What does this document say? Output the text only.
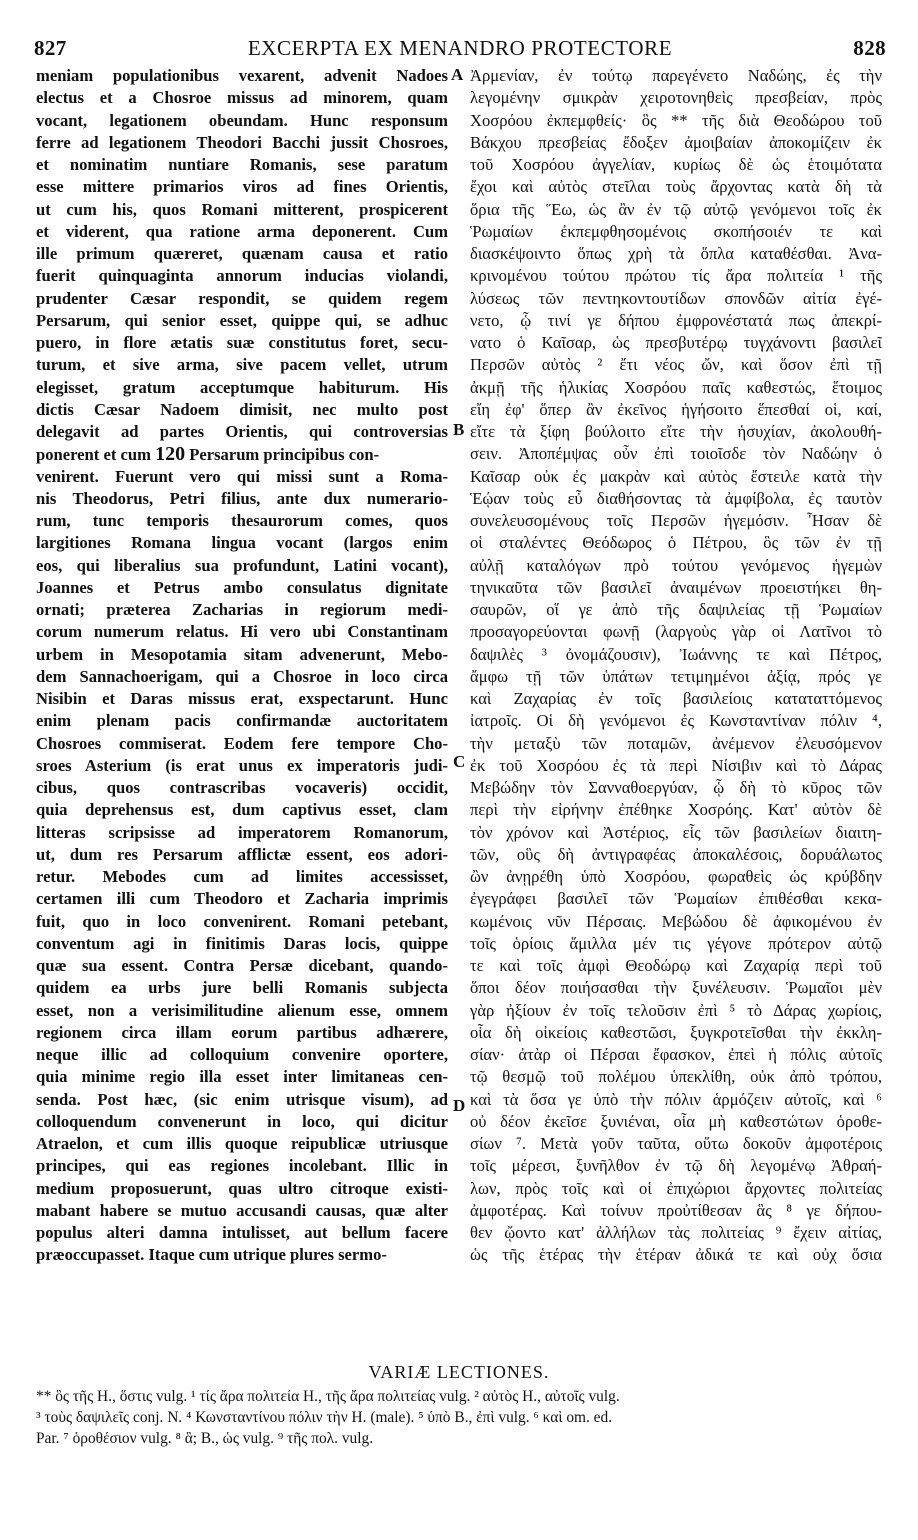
827	EXCERPTA EX MENANDRO PROTECTORE	828
meniam populationibus vexarent, advenit Nadoes
electus et a Chosroe missus ad minorem, quam
vocant, legationem obeundam. Hunc responsum
ferre ad legationem Theodori Bacchi jussit Chosroes,
et nominatim nuntiare Romanis, sese paratum
esse mittere primarios viros ad fines Orientis,
ut cum his, quos Romani mitterent, prospicerent
et viderent, qua ratione arma deponerent. Cum
ille primum quæreret, quænam causa et ratio
fuerit quinquaginta annorum inducias violandi,
prudenter Cæsar respondit, se quidem regem
Persarum, qui senior esset, quippe qui, se adhuc
puero, in flore ætatis suæ constitutus foret, secu-
turum, et sive arma, sive pacem vellet, utrum
elegisset, gratum acceptumque habiturum. His
dictis Cæsar Nadoem dimisit, nec multo post
delegavit ad partes Orientis, qui controversias
ponerent et cum 120 Persarum principibus con-
venirent. Fuerunt vero qui missi sunt a Roma-
nis Theodorus, Petri filius, ante dux numerario-
rum, tunc temporis thesaurorum comes, quos
largitiones Romana lingua vocant (largos enim
eos, qui liberalius sua profundunt, Latini vocant),
Joannes et Petrus ambo consulatus dignitate
ornati; præterea Zacharias in regiorum medi-
corum numerum relatus. Hi vero ubi Constantinam
urbem in Mesopotamia sitam advenerunt, Mebo-
dem Sannachoerigam, qui a Chosroe in loco circa
Nisibin et Daras missus erat, exspectarunt. Hunc
enim plenam pacis confirmandæ auctoritatem
Chosroes commiserat. Eodem fere tempore Cho-
sroes Asterium (is erat unus ex imperatoris judi-
cibus, quos contrascribas vocaveris) occidit,
quia deprehensus est, dum captivus esset, clam
litteras scripsisse ad imperatorem Romanorum,
ut, dum res Persarum afflictæ essent, eos adori-
retur. Mebodes cum ad limites accessisset,
certamen illi cum Theodoro et Zacharia imprimis
fuit, quo in loco convenirent. Romani petebant,
conventum agi in finitimis Daras locis, quippe
quæ sua essent. Contra Persæ dicebant, quando-
quidem ea urbs jure belli Romanis subjecta
esset, non a verisimilitudine alienum esse, omnem
regionem circa illam eorum partibus adhærere,
neque illic ad colloquium convenire oportere,
quia minime regio illa esset inter limitaneas cen-
senda. Post hæc, (sic enim utrisque visum), ad
colloquendum convenerunt in loco, qui dicitur
Atraelon, et cum illis quoque reipublicæ utriusque
principes, qui eas regiones incolebant. Illic in
medium proposuerunt, quas ultro citroque existi-
mabant habere se mutuo accusandi causas, quæ alter
populus alteri damna intulisset, aut bellum facere
præoccupasset. Itaque cum utrique plures sermo-
Ἀρμενίαν, ἐν τούτῳ παρεγένετο Ναδώης, ἐς τὴν
λεγομένην σμικρὰν χειροτονηθεὶς πρεσβείαν, πρὸς
Χοσρόου ἐκπεμφθείς· ὃς ** τῆς διὰ Θεοδώρου τοῦ
Βάκχου πρεσβείας ἔδοξεν ἀμοιβαίαν ἀποκομίζειν ἐκ
τοῦ Χοσρόου ἀγγελίαν, κυρίως δὲ ὡς ἑτοιμότατα
ἔχοι καὶ αὐτὸς στεῖλαι τοὺς ἄρχοντας κατὰ δὴ τὰ
ὅρια τῆς Ἕω, ὡς ἂν ἐν τῷ αὐτῷ γενόμενοι τοῖς ἐκ
Ῥωμαίων ἐκπεμφθησομένοις σκοπήσοιέν τε καὶ
διασκέψοιντο ὅπως χρὴ τὰ ὅπλα καταθέσθαι. Ἀνα-
κρινομένου τούτου πρώτου τίς ἄρα πολιτεία ¹ τῆς
λύσεως τῶν πεντηκοντουτίδων σπονδῶν αἰτία ἐγέ-
νετο, ᾧ τινί γε δήπου ἐμφρονέστατά πως ἀπεκρί-
νατο ὁ Καῖσαρ, ὡς πρεσβυτέρῳ τυγχάνοντι βασιλεῖ
Περσῶν αὐτὸς ² ἔτι νέος ὤν, καὶ ὅσον ἐπὶ τῇ
ἀκμῇ τῆς ἡλικίας Χοσρόου παῖς καθεστώς, ἕτοιμος
εἴη ἐφ' ὅπερ ἂν ἐκεῖνος ἡγήσοιτο ἕπεσθαί οἱ, καί,
εἴτε τὰ ξίφη βούλοιτο εἴτε τὴν ἡσυχίαν, ἀκολουθή-
σειν. Ἀποπέμψας οὖν ἐπὶ τοιοῖσδε τὸν Ναδώην ὁ
Καῖσαρ οὐκ ἐς μακρὰν καὶ αὐτὸς ἔστειλε κατὰ τὴν
Ἑῴαν τοὺς εὖ διαθήσοντας τὰ ἀμφίβολα, ἐς ταυτὸν
συνελευσομένους τοῖς Περσῶν ἡγεμόσιν. Ἦσαν δὲ
οἱ σταλέντες Θεόδωρος ὁ Πέτρου, ὃς τῶν ἐν τῇ
αὐλῇ καταλόγων πρὸ τούτου γενόμενος ἡγεμὼν
τηνικαῦτα τῶν βασιλεῖ ἀναιμένων προειστήκει θη-
σαυρῶν, οἵ γε ἀπὸ τῆς δαψιλείας τῇ Ῥωμαίων
προσαγορεύονται φωνῇ (λαργοὺς γὰρ οἱ Λατῖνοι τὸ
δαψιλὲς ³ ὀνομάζουσιν), Ἰωάννης τε καὶ Πέτρος,
ἄμφω τῇ τῶν ὑπάτων τετιμημένοι ἀξίᾳ, πρός γε
καὶ Ζαχαρίας ἐν τοῖς βασιλείοις καταταττόμενος
ἰατροῖς. Οἱ δὴ γενόμενοι ἐς Κωνσταντίναν πόλιν ⁴,
τὴν μεταξὺ τῶν ποταμῶν, ἀνέμενον ἐλευσόμενον
ἐκ τοῦ Χοσρόου ἐς τὰ περὶ Νίσιβιν καὶ τὸ Δάρας
Μεβώδην τὸν Σανναθοεργύαν, ᾧ δὴ τὸ κῦρος τῶν
περὶ τὴν εἰρήνην ἐπέθηκε Χοσρόης. Κατ' αὐτὸν δὲ
τὸν χρόνον καὶ Ἀστέριος, εἷς τῶν βασιλείων διαιτη-
τῶν, οὓς δὴ ἀντιγραφέας ἀποκαλέσοις, δορυάλωτος
ὢν ἀνῃρέθη ὑπὸ Χοσρόου, φωραθεὶς ὡς κρύβδην
ἐγεγράφει βασιλεῖ τῶν Ῥωμαίων ἐπιθέσθαι κεκα-
κωμένοις νῦν Πέρσαις. Μεβώδου δὲ ἀφικομένου ἐν
τοῖς ὁρίοις ἅμιλλα μέν τις γέγονε πρότερον αὐτῷ
τε καὶ τοῖς ἀμφὶ Θεοδώρῳ καὶ Ζαχαρίᾳ περὶ τοῦ
ὅποι δέον ποιήσασθαι τὴν ξυνέλευσιν. Ῥωμαῖοι μὲν
γὰρ ἠξίουν ἐν τοῖς τελοῦσιν ἐπὶ ⁵ τὸ Δάρας χωρίοις,
οἷα δὴ οἰκείοις καθεστῶσι, ξυγκροτεῖσθαι τὴν ἐκκλη-
σίαν· ἀτὰρ οἱ Πέρσαι ἔφασκον, ἐπεὶ ἡ πόλις αὐτοῖς
τῷ θεσμῷ τοῦ πολέμου ὑπεκλίθη, οὐκ ἀπὸ τρόπου,
καὶ τὰ ὅσα γε ὑπὸ τὴν πόλιν ἁρμόζειν αὐτοῖς, καὶ ⁶
οὐ δέον ἐκεῖσε ξυνιέναι, οἷα μὴ καθεστώτων ὁροθε-
σίων ⁷. Μετὰ γοῦν ταῦτα, οὕτω δοκοῦν ἀμφοτέροις
τοῖς μέρεσι, ξυνῆλθον ἐν τῷ δὴ λεγομένῳ Ἀθραή-
λων, πρὸς τοῖς καὶ οἱ ἐπιχώριοι ἄρχοντες πολιτείας
ἀμφοτέρας. Καὶ τοίνυν προὐτίθεσαν ἃς ⁸ γε δήπου-
θεν ᾤοντο κατ' ἀλλήλων τὰς πολιτείας ⁹ ἔχειν αἰτίας,
ὡς τῆς ἑτέρας τὴν ἑτέραν ἀδικά τε καὶ οὐχ ὅσια
A
B
C
D
VARIÆ LECTIONES.
** ὃς τῆς H., ὅστις vulg. ¹ τίς ἄρα πολιτεία H., τῆς ἄρα πολιτείας vulg. ² αὐτὸς H., αὐτοῖς vulg.
³ τοὺς δαψιλεῖς conj. N. ⁴ Κωνσταντίνου πόλιν τὴν H. (male). ⁵ ὑπὸ B., ἐπὶ vulg. ⁶ καὶ om. ed.
Par. ⁷ ὁροθέσιον vulg. ⁸ ἃ; B., ὡς vulg. ⁹ τῆς πολ. vulg.
